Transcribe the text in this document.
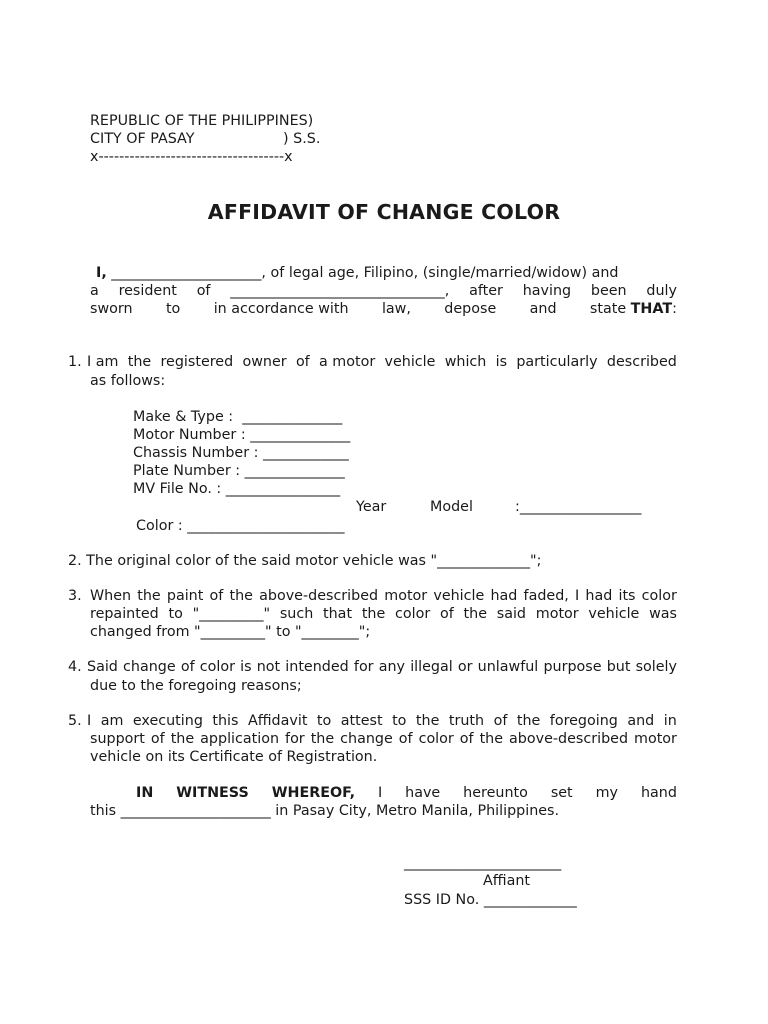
REPUBLIC OF THE PHILIPPINES)
CITY OF PASAY	) S.S.
x------------------------------------x
AFFIDAVIT OF CHANGE COLOR
I, _____________________, of legal age, Filipino, (single/married/widow) and
a resident of ______________________________, after having been duly
sworn to in accordance with law, depose and state THAT:
1. I am the registered owner of a motor vehicle which is particularly described
as follows:
Make & Type :  ______________
Motor Number : ______________
Chassis Number : ____________
Plate Number : ______________
MV File No. : ________________
Year	Model	:_________________
Color : ______________________
2. The original color of the said motor vehicle was "_____________";
3. When the paint of the above-described motor vehicle had faded, I had its color
repainted to "_________" such that the color of the said motor vehicle was
changed from "_________" to "________";
4. Said change of color is not intended for any illegal or unlawful purpose but solely
due to the foregoing reasons;
5. I am executing this Affidavit to attest to the truth of the foregoing and in
support of the application for the change of color of the above-described motor
vehicle on its Certificate of Registration.
IN WITNESS WHEREOF, I have hereunto set my hand
this _____________________ in Pasay City, Metro Manila, Philippines.
______________________
Affiant
SSS ID No. _____________
